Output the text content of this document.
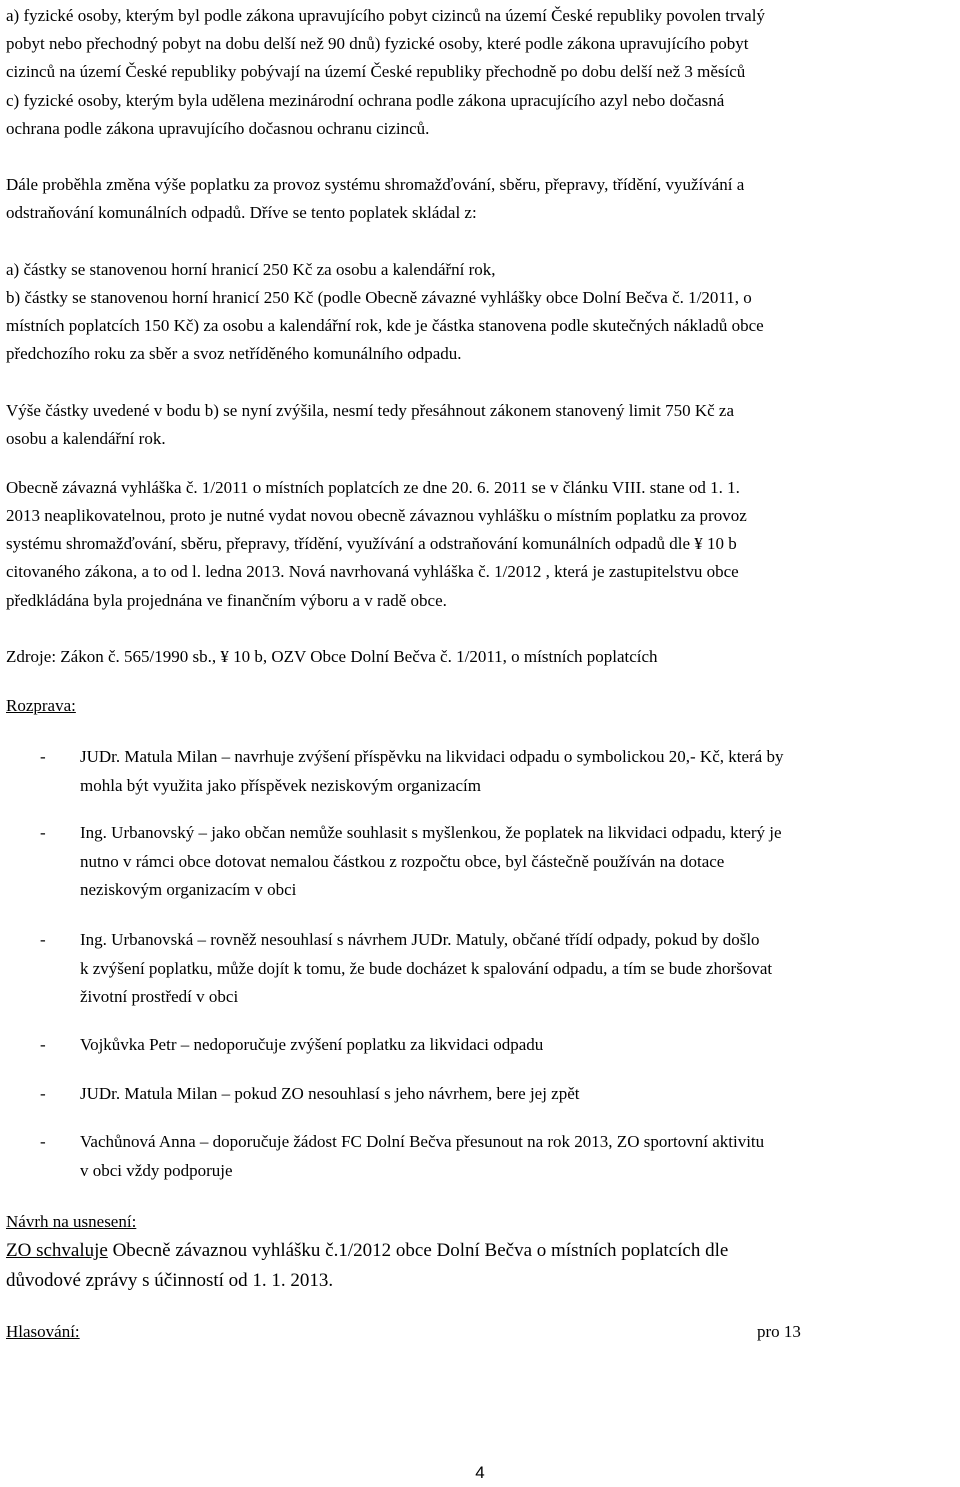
a) fyzické osoby, kterým byl podle zákona upravujícího pobyt cizinců na území České republiky povolen trvalý
pobyt nebo přechodný pobyt na dobu delší než 90 dnů) fyzické osoby, které podle zákona upravujícího pobyt
cizinců na území České republiky pobývají na území České republiky přechodně po dobu delší než 3 měsíců
c) fyzické osoby, kterým byla udělena mezinárodní ochrana podle zákona upracujícího azyl nebo dočasná
ochrana podle zákona upravujícího dočasnou ochranu cizinců.
Dále proběhla změna výše poplatku za provoz systému shromažďování, sběru, přepravy, třídění, využívání a
odstraňování komunálních odpadů. Dříve se tento poplatek skládal z:
a) částky se stanovenou horní hranicí 250 Kč za osobu a kalendářní rok,
b) částky se stanovenou horní hranicí 250 Kč (podle Obecně závazné vyhlášky obce Dolní Bečva č. 1/2011, o
místních poplatcích 150 Kč) za osobu a kalendářní rok, kde je částka stanovena podle skutečných nákladů obce
předchozího roku za sběr a svoz netříděného komunálního odpadu.
Výše částky uvedené v bodu b) se nyní zvýšila, nesmí tedy přesáhnout zákonem stanovený limit 750 Kč za
osobu a kalendářní rok.
Obecně závazná vyhláška č. 1/2011 o místních poplatcích ze dne 20. 6. 2011 se v článku VIII. stane od 1. 1.
2013 neaplikovatelnou, proto je nutné vydat novou obecně závaznou vyhlášku o místním poplatku za provoz
systému shromažďování, sběru, přepravy, třídění, využívání a odstraňování komunálních odpadů dle ¥ 10 b
citovaného zákona, a to od l. ledna 2013. Nová navrhovaná vyhláška č. 1/2012 , která je zastupitelstvu obce
předkládána byla projednána ve finančním výboru a v radě obce.
Zdroje: Zákon č. 565/1990 sb., ¥ 10 b, OZV Obce Dolní Bečva č. 1/2011, o místních poplatcích
Rozprava:
- JUDr. Matula Milan – navrhuje zvýšení příspěvku na likvidaci odpadu o symbolickou 20,- Kč, která by
mohla být využita jako příspěvek neziskovým organizacím
- Ing. Urbanovský – jako občan nemůže souhlasit s myšlenkou, že poplatek na likvidaci odpadu, který je
nutno v rámci obce dotovat nemalou částkou z rozpočtu obce, byl částečně používán na dotace
neziskovým organizacím v obci
- Ing. Urbanovská – rovněž nesouhlasí s návrhem JUDr. Matuly, občané třídí odpady, pokud by došlo
k zvýšení poplatku, může dojít k tomu, že bude docházet k spalování odpadu, a tím se bude zhoršovat
životní prostředí v obci
- Vojkůvka Petr – nedoporučuje zvýšení poplatku za likvidaci odpadu
- JUDr. Matula Milan – pokud ZO nesouhlasí s jeho návrhem, bere jej zpět
- Vachůnová Anna – doporučuje žádost FC Dolní Bečva přesunout na rok 2013, ZO sportovní aktivitu
v obci vždy podporuje
Návrh na usnesení:
ZO schvaluje Obecně závaznou vyhlášku č.1/2012 obce Dolní Bečva o místních poplatcích dle
důvodové zprávy s účinností od 1. 1. 2013.
Hlasování:	pro 13
4
